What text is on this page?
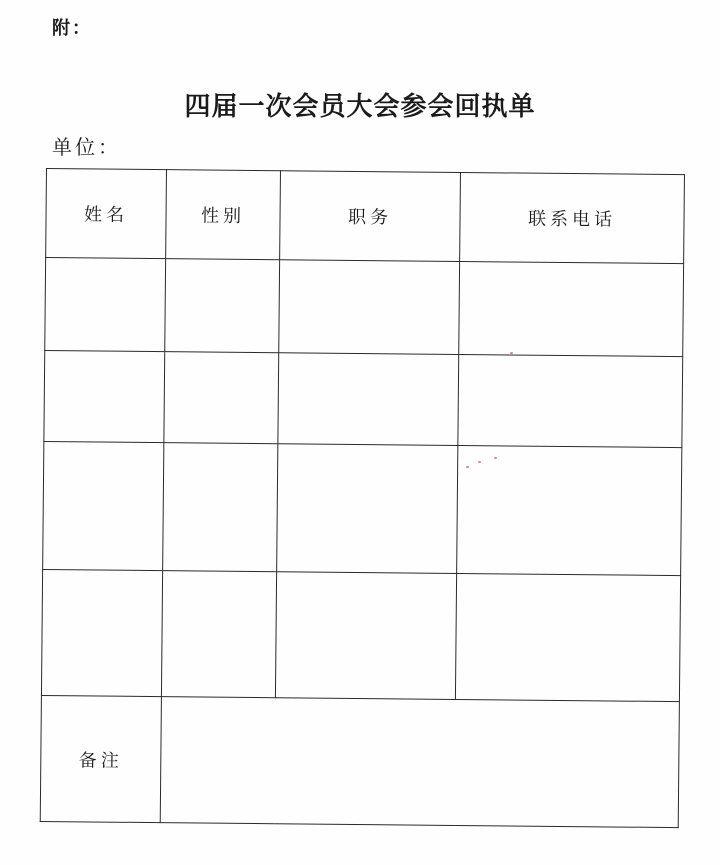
附：
四届一次会员大会参会回执单
单位：
姓名	性别	职务	联系电话

备注			
